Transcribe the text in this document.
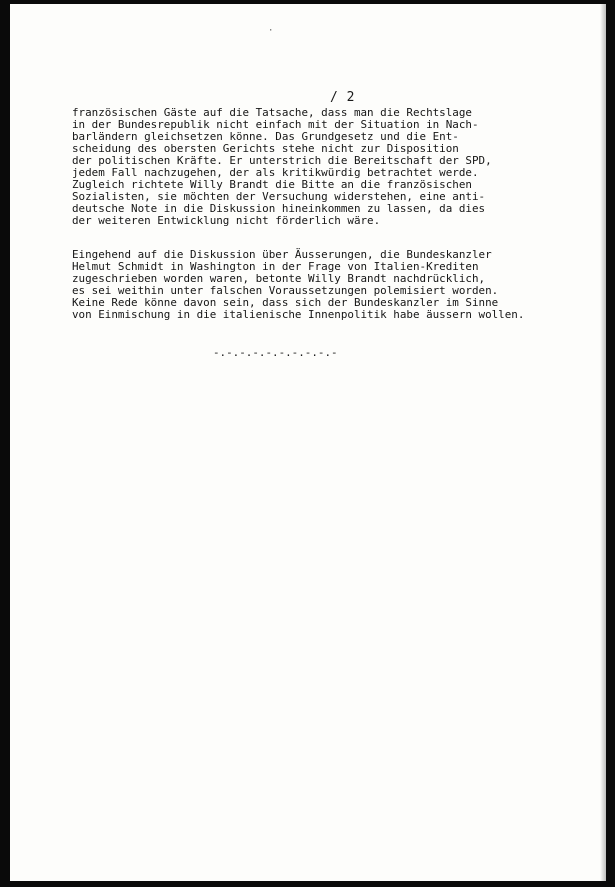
·
/ 2
französischen Gäste auf die Tatsache, dass man die Rechtslage
in der Bundesrepublik nicht einfach mit der Situation in Nach-
barländern gleichsetzen könne. Das Grundgesetz und die Ent-
scheidung des obersten Gerichts stehe nicht zur Disposition
der politischen Kräfte. Er unterstrich die Bereitschaft der SPD,
jedem Fall nachzugehen, der als kritikwürdig betrachtet werde.
Zugleich richtete Willy Brandt die Bitte an die französischen
Sozialisten, sie möchten der Versuchung widerstehen, eine anti-
deutsche Note in die Diskussion hineinkommen zu lassen, da dies
der weiteren Entwicklung nicht förderlich wäre.
Eingehend auf die Diskussion über Äusserungen, die Bundeskanzler
Helmut Schmidt in Washington in der Frage von Italien-Krediten
zugeschrieben worden waren, betonte Willy Brandt nachdrücklich,
es sei weithin unter falschen Voraussetzungen polemisiert worden.
Keine Rede könne davon sein, dass sich der Bundeskanzler im Sinne
von Einmischung in die italienische Innenpolitik habe äussern wollen.
-.-.-.-.-.-.-.-.-.-
